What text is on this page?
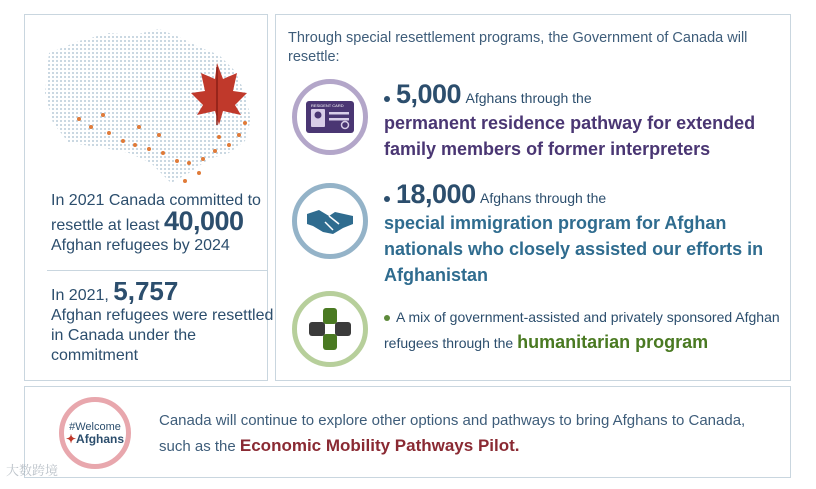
In 2021 Canada committed to resettle at least 40,000
Afghan refugees by 2024
In 2021, 5,757
Afghan refugees were resettled in Canada under the commitment
Through special resettlement programs, the Government of Canada will resettle:
RESIDENT CARD	5,000 Afghans through the

permanent residence pathway for extended family members of former interpreters
18,000 Afghans through the

special immigration program for Afghan nationals who closely assisted our efforts in Afghanistan
A mix of government-assisted and privately sponsored Afghan refugees through the humanitarian program
#Welcome
✦Afghans
Canada will continue to explore other options and pathways to bring Afghans to Canada, such as the Economic Mobility Pathways Pilot.
大数跨境
